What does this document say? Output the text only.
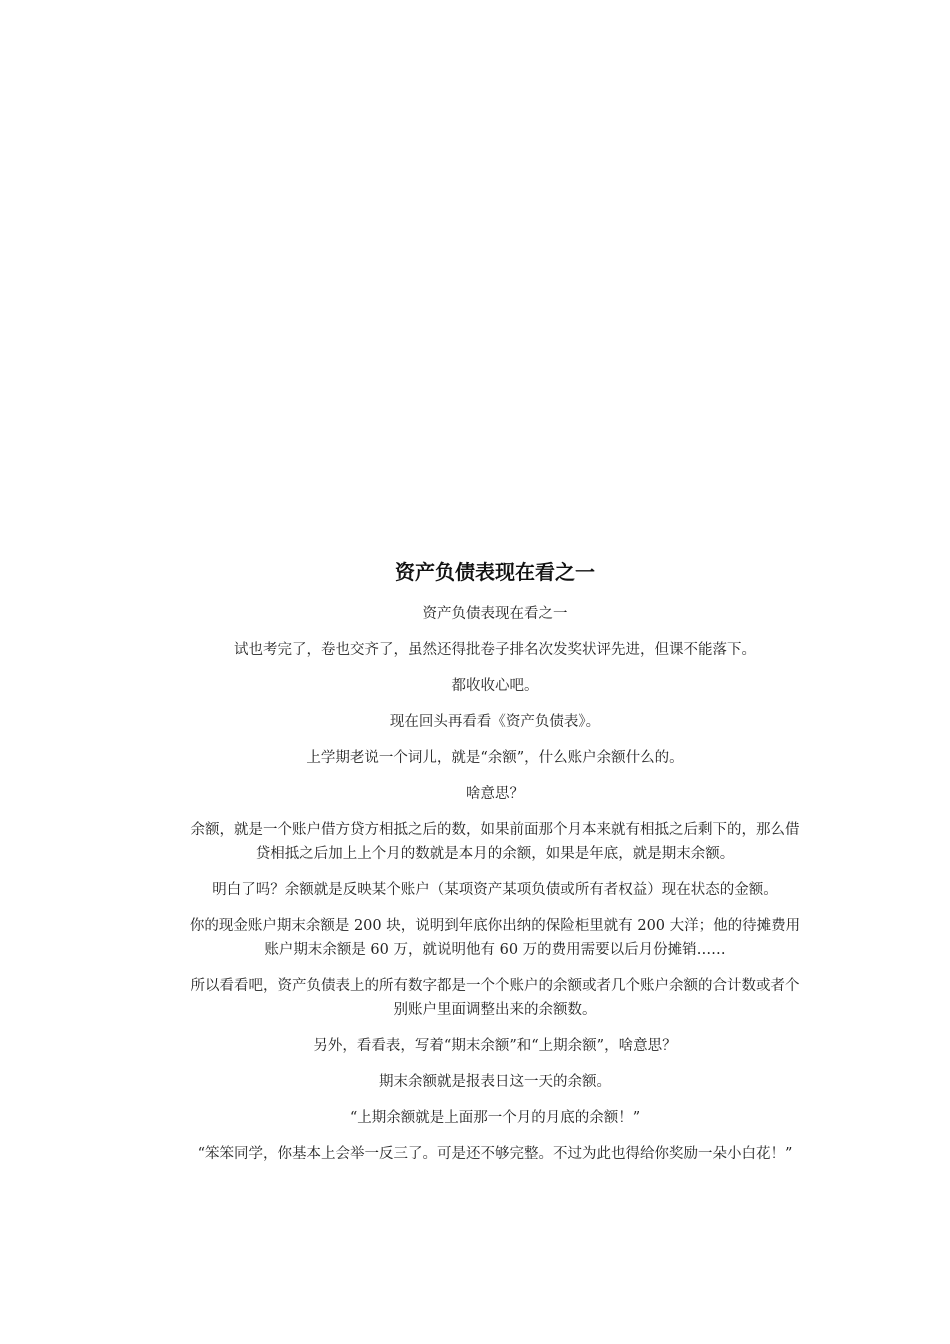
资产负债表现在看之一

资产负债表现在看之一

试也考完了，卷也交齐了，虽然还得批卷子排名次发奖状评先进，但课不能落下。

都收收心吧。

现在回头再看看《资产负债表》。

上学期老说一个词儿，就是“余额”，什么账户余额什么的。

啥意思？

余额，就是一个账户借方贷方相抵之后的数，如果前面那个月本来就有相抵之后剩下的，那么借贷相抵之后加上上个月的数就是本月的余额，如果是年底，就是期末余额。

明白了吗？余额就是反映某个账户（某项资产某项负债或所有者权益）现在状态的金额。

你的现金账户期末余额是 200 块，说明到年底你出纳的保险柜里就有 200 大洋；他的待摊费用账户期末余额是 60 万，就说明他有 60 万的费用需要以后月份摊销……

所以看看吧，资产负债表上的所有数字都是一个个账户的余额或者几个账户余额的合计数或者个别账户里面调整出来的余额数。

另外，看看表，写着“期末余额”和“上期余额”，啥意思？

期末余额就是报表日这一天的余额。

“上期余额就是上面那一个月的月底的余额！”

“笨笨同学，你基本上会举一反三了。可是还不够完整。不过为此也得给你奖励一朵小白花！”
